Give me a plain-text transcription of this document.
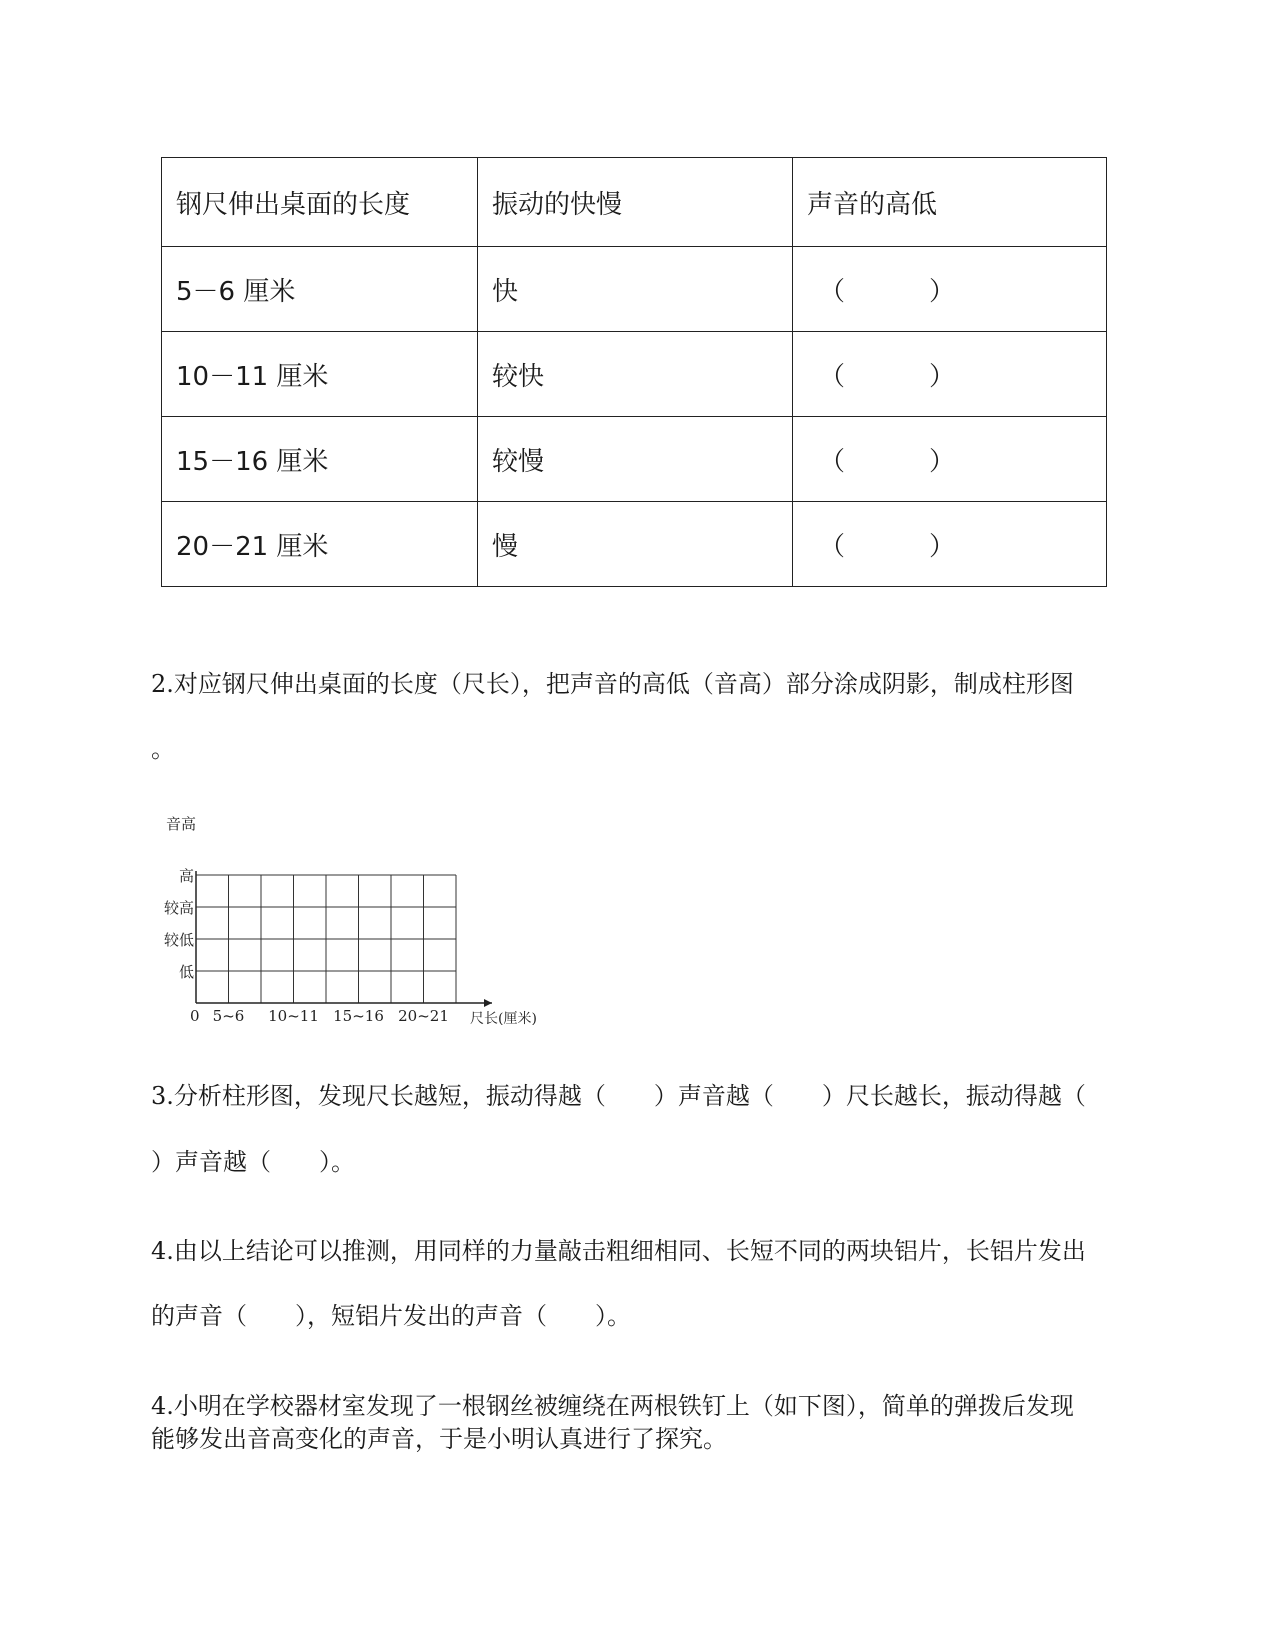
钢尺伸出桌面的长度	振动的快慢	声音的高低
5－6 厘米	快	（ ）

10－11 厘米	较快	（ ）

15－16 厘米	较慢	（ ）

20－21 厘米	慢	（ ）
2.对应钢尺伸出桌面的长度（尺长），把声音的高低（音高）部分涂成阴影，制成柱形图
。
音高
低
较低
较高
高
0 5~6 10~11 15~16 20~21 尺长(厘米)
3.分析柱形图，发现尺长越短，振动得越（　　）声音越（　　）尺长越长，振动得越（
）声音越（　　）。
4.由以上结论可以推测，用同样的力量敲击粗细相同、长短不同的两块铝片，长铝片发出
的声音（　　），短铝片发出的声音（　　）。
4.小明在学校器材室发现了一根钢丝被缠绕在两根铁钉上（如下图），简单的弹拨后发现
能够发出音高变化的声音，于是小明认真进行了探究。
